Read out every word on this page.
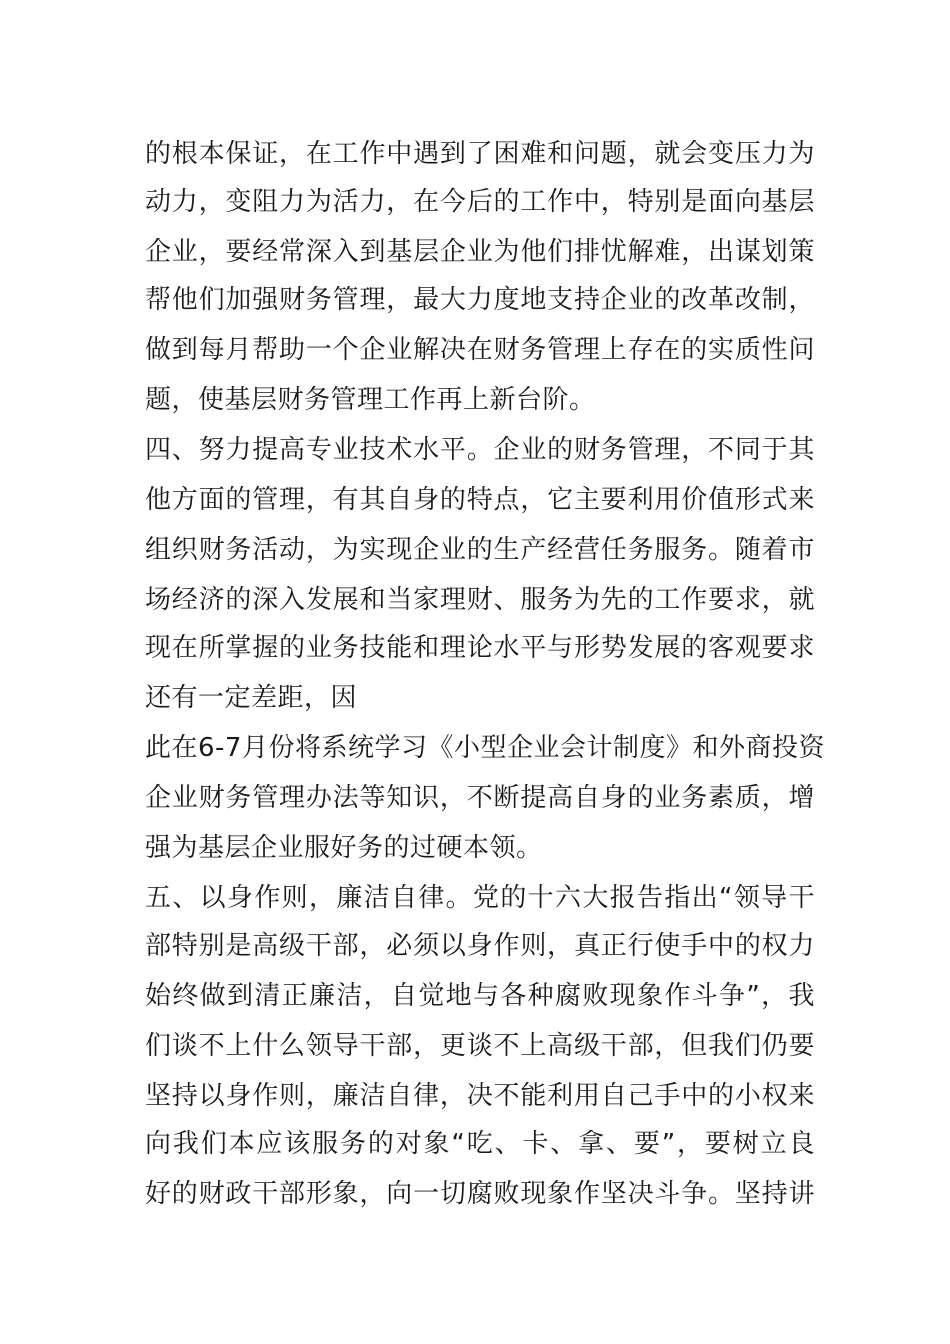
的根本保证，在工作中遇到了困难和问题，就会变压力为
动力，变阻力为活力，在今后的工作中，特别是面向基层
企业，要经常深入到基层企业为他们排忧解难，出谋划策
帮他们加强财务管理，最大力度地支持企业的改革改制，
做到每月帮助一个企业解决在财务管理上存在的实质性问
题，使基层财务管理工作再上新台阶。
四、努力提高专业技术水平。企业的财务管理，不同于其
他方面的管理，有其自身的特点，它主要利用价值形式来
组织财务活动，为实现企业的生产经营任务服务。随着市
场经济的深入发展和当家理财、服务为先的工作要求，就
现在所掌握的业务技能和理论水平与形势发展的客观要求
还有一定差距，因
此在6-7月份将系统学习《小型企业会计制度》和外商投资
企业财务管理办法等知识，不断提高自身的业务素质，增
强为基层企业服好务的过硬本领。
五、以身作则，廉洁自律。党的十六大报告指出“领导干
部特别是高级干部，必须以身作则，真正行使手中的权力
始终做到清正廉洁，自觉地与各种腐败现象作斗争”，我
们谈不上什么领导干部，更谈不上高级干部，但我们仍要
坚持以身作则，廉洁自律，决不能利用自己手中的小权来
向我们本应该服务的对象“吃、卡、拿、要”，要树立良
好的财政干部形象，向一切腐败现象作坚决斗争。坚持讲
